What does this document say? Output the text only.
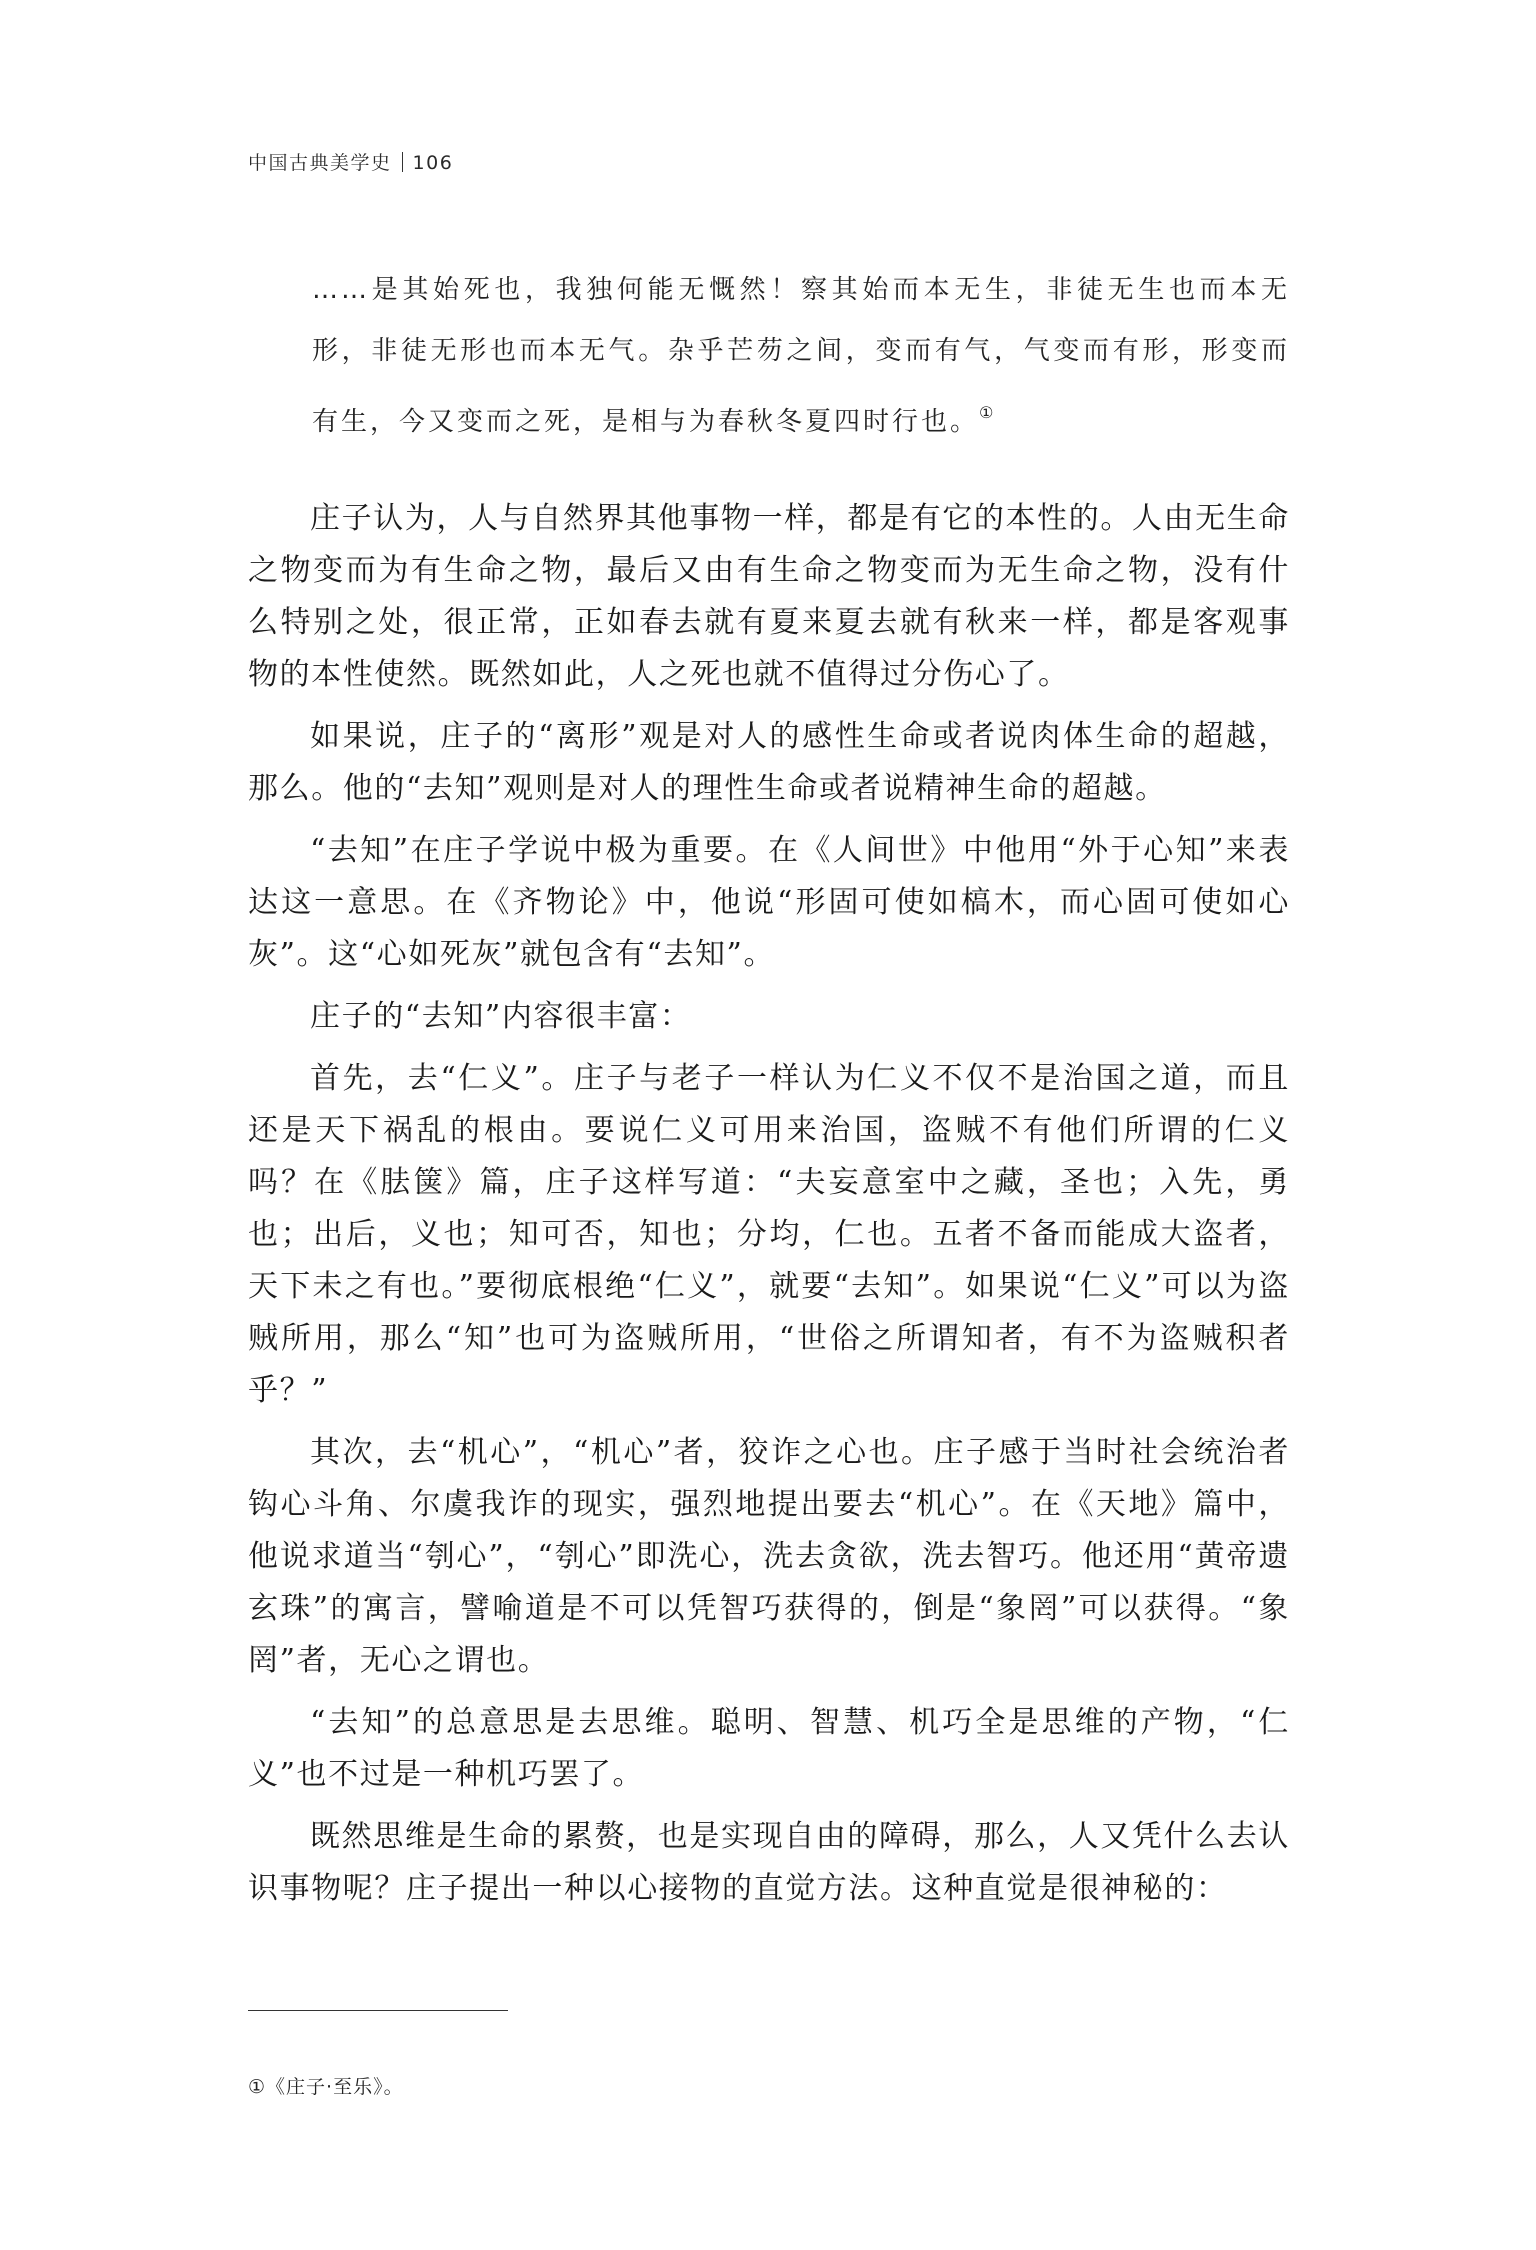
中国古典美学史 106
……是其始死也，我独何能无慨然！察其始而本无生，非徒无生也而本无形，非徒无形也而本无气。杂乎芒芴之间，变而有气，气变而有形，形变而有生，今又变而之死，是相与为春秋冬夏四时行也。①

庄子认为，人与自然界其他事物一样，都是有它的本性的。人由无生命之物变而为有生命之物，最后又由有生命之物变而为无生命之物，没有什么特别之处，很正常，正如春去就有夏来夏去就有秋来一样，都是客观事物的本性使然。既然如此，人之死也就不值得过分伤心了。

如果说，庄子的“离形”观是对人的感性生命或者说肉体生命的超越，那么。他的“去知”观则是对人的理性生命或者说精神生命的超越。

“去知”在庄子学说中极为重要。在《人间世》中他用“外于心知”来表达这一意思。在《齐物论》中，他说“形固可使如槁木，而心固可使如心灰”。这“心如死灰”就包含有“去知”。

庄子的“去知”内容很丰富：

首先，去“仁义”。庄子与老子一样认为仁义不仅不是治国之道，而且还是天下祸乱的根由。要说仁义可用来治国，盗贼不有他们所谓的仁义吗？在《胠箧》篇，庄子这样写道：“夫妄意室中之藏，圣也；入先，勇也；出后，义也；知可否，知也；分均，仁也。五者不备而能成大盗者，天下未之有也。”要彻底根绝“仁义”，就要“去知”。如果说“仁义”可以为盗贼所用，那么“知”也可为盗贼所用，“世俗之所谓知者，有不为盗贼积者乎？”

其次，去“机心”，“机心”者，狡诈之心也。庄子感于当时社会统治者钩心斗角、尔虞我诈的现实，强烈地提出要去“机心”。在《天地》篇中，他说求道当“刳心”，“刳心”即洗心，洗去贪欲，洗去智巧。他还用“黄帝遗玄珠”的寓言，譬喻道是不可以凭智巧获得的，倒是“象罔”可以获得。“象罔”者，无心之谓也。

“去知”的总意思是去思维。聪明、智慧、机巧全是思维的产物，“仁义”也不过是一种机巧罢了。

既然思维是生命的累赘，也是实现自由的障碍，那么，人又凭什么去认识事物呢？庄子提出一种以心接物的直觉方法。这种直觉是很神秘的：

①《庄子·至乐》。
